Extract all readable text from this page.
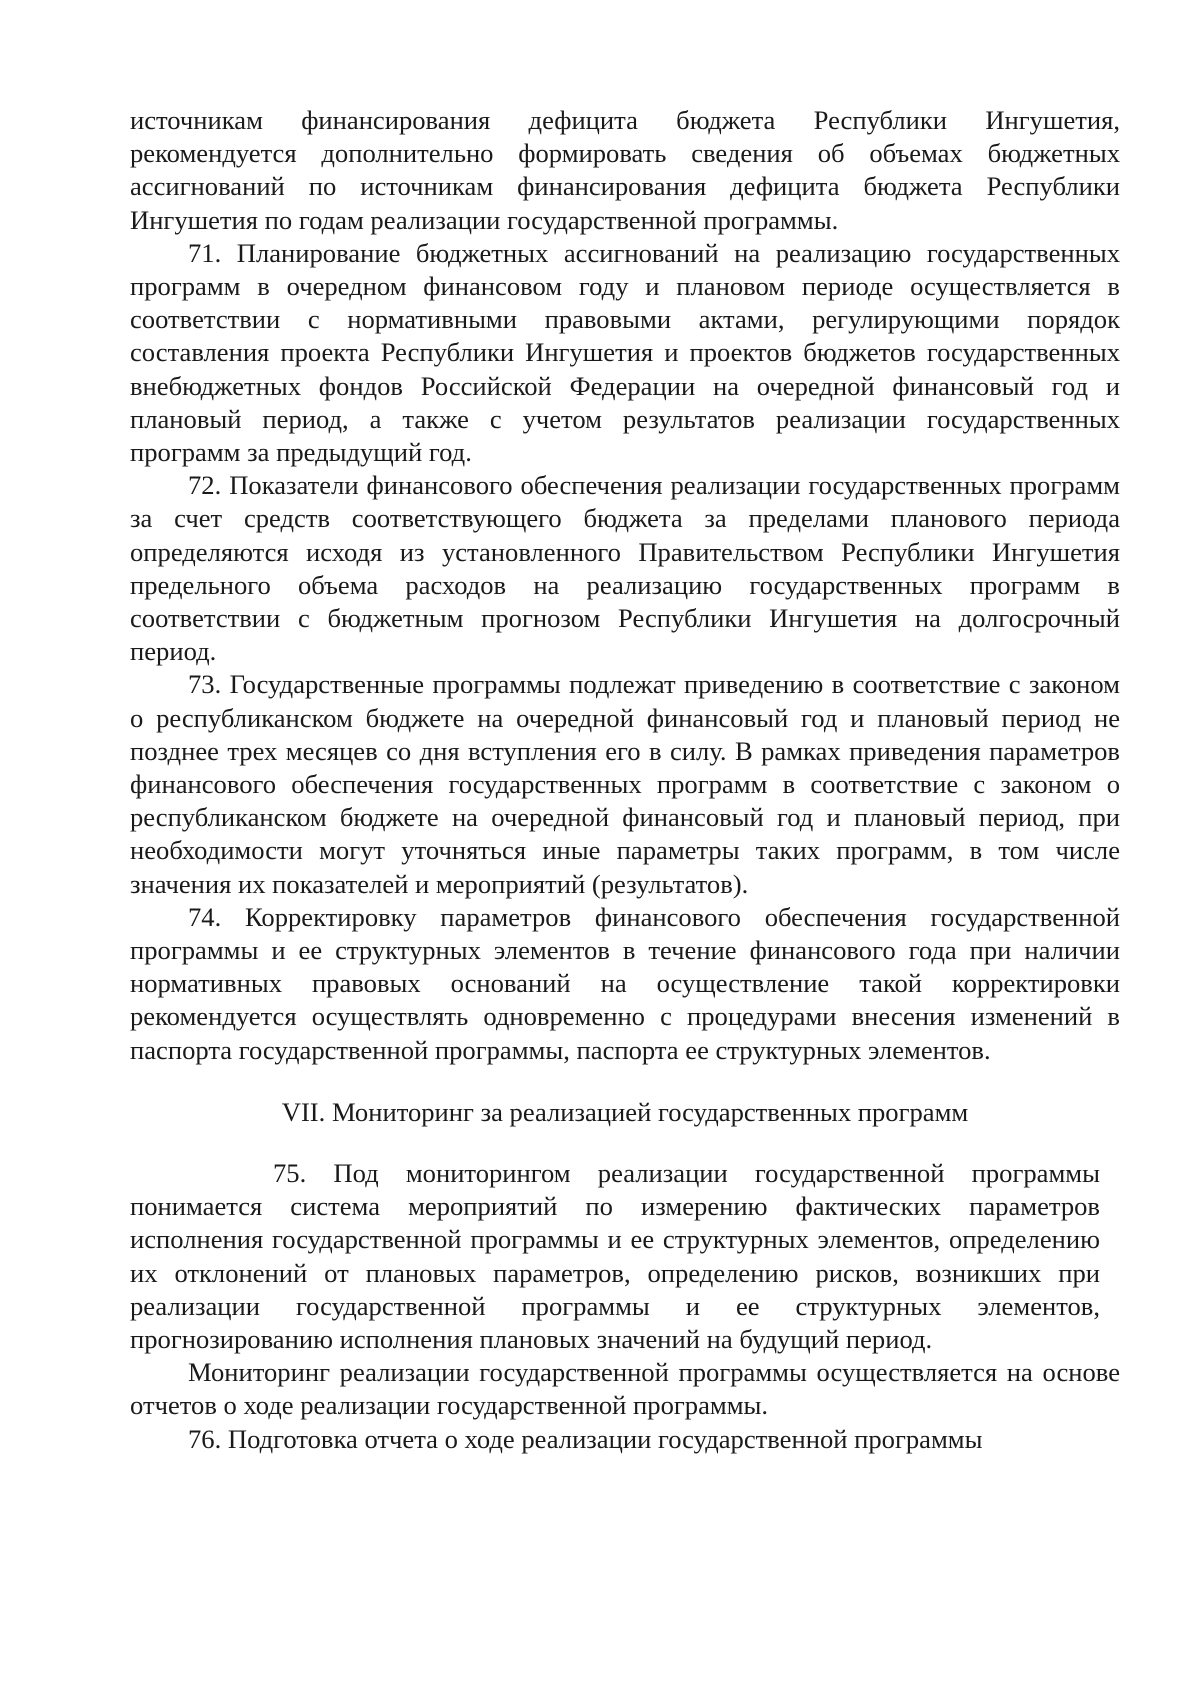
источникам финансирования дефицита бюджета Республики Ингушетия, рекомендуется дополнительно формировать сведения об объемах бюджетных ассигнований по источникам финансирования дефицита бюджета Республики Ингушетия по годам реализации государственной программы.

71. Планирование бюджетных ассигнований на реализацию государственных программ в очередном финансовом году и плановом периоде осуществляется в соответствии с нормативными правовыми актами, регулирующими порядок составления проекта Республики Ингушетия и проектов бюджетов государственных внебюджетных фондов Российской Федерации на очередной финансовый год и плановый период, а также с учетом результатов реализации государственных программ за предыдущий год.

72. Показатели финансового обеспечения реализации государственных программ за счет средств соответствующего бюджета за пределами планового периода определяются исходя из установленного Правительством Республики Ингушетия предельного объема расходов на реализацию государственных программ в соответствии с бюджетным прогнозом Республики Ингушетия на долгосрочный период.

73. Государственные программы подлежат приведению в соответствие с законом о республиканском бюджете на очередной финансовый год и плановый период не позднее трех месяцев со дня вступления его в силу. В рамках приведения параметров финансового обеспечения государственных программ в соответствие с законом о республиканском бюджете на очередной финансовый год и плановый период, при необходимости могут уточняться иные параметры таких программ, в том числе значения их показателей и мероприятий (результатов).

74. Корректировку параметров финансового обеспечения государственной программы и ее структурных элементов в течение финансового года при наличии нормативных правовых оснований на осуществление такой корректировки рекомендуется осуществлять одновременно с процедурами внесения изменений в паспорта государственной программы, паспорта ее структурных элементов.

VII. Мониторинг за реализацией государственных программ

75. Под мониторингом реализации государственной программы понимается система мероприятий по измерению фактических параметров исполнения государственной программы и ее структурных элементов, определению их отклонений от плановых параметров, определению рисков, возникших при реализации государственной программы и ее структурных элементов, прогнозированию исполнения плановых значений на будущий период.

Мониторинг реализации государственной программы осуществляется на основе отчетов о ходе реализации государственной программы.

76. Подготовка отчета о ходе реализации государственной программы
